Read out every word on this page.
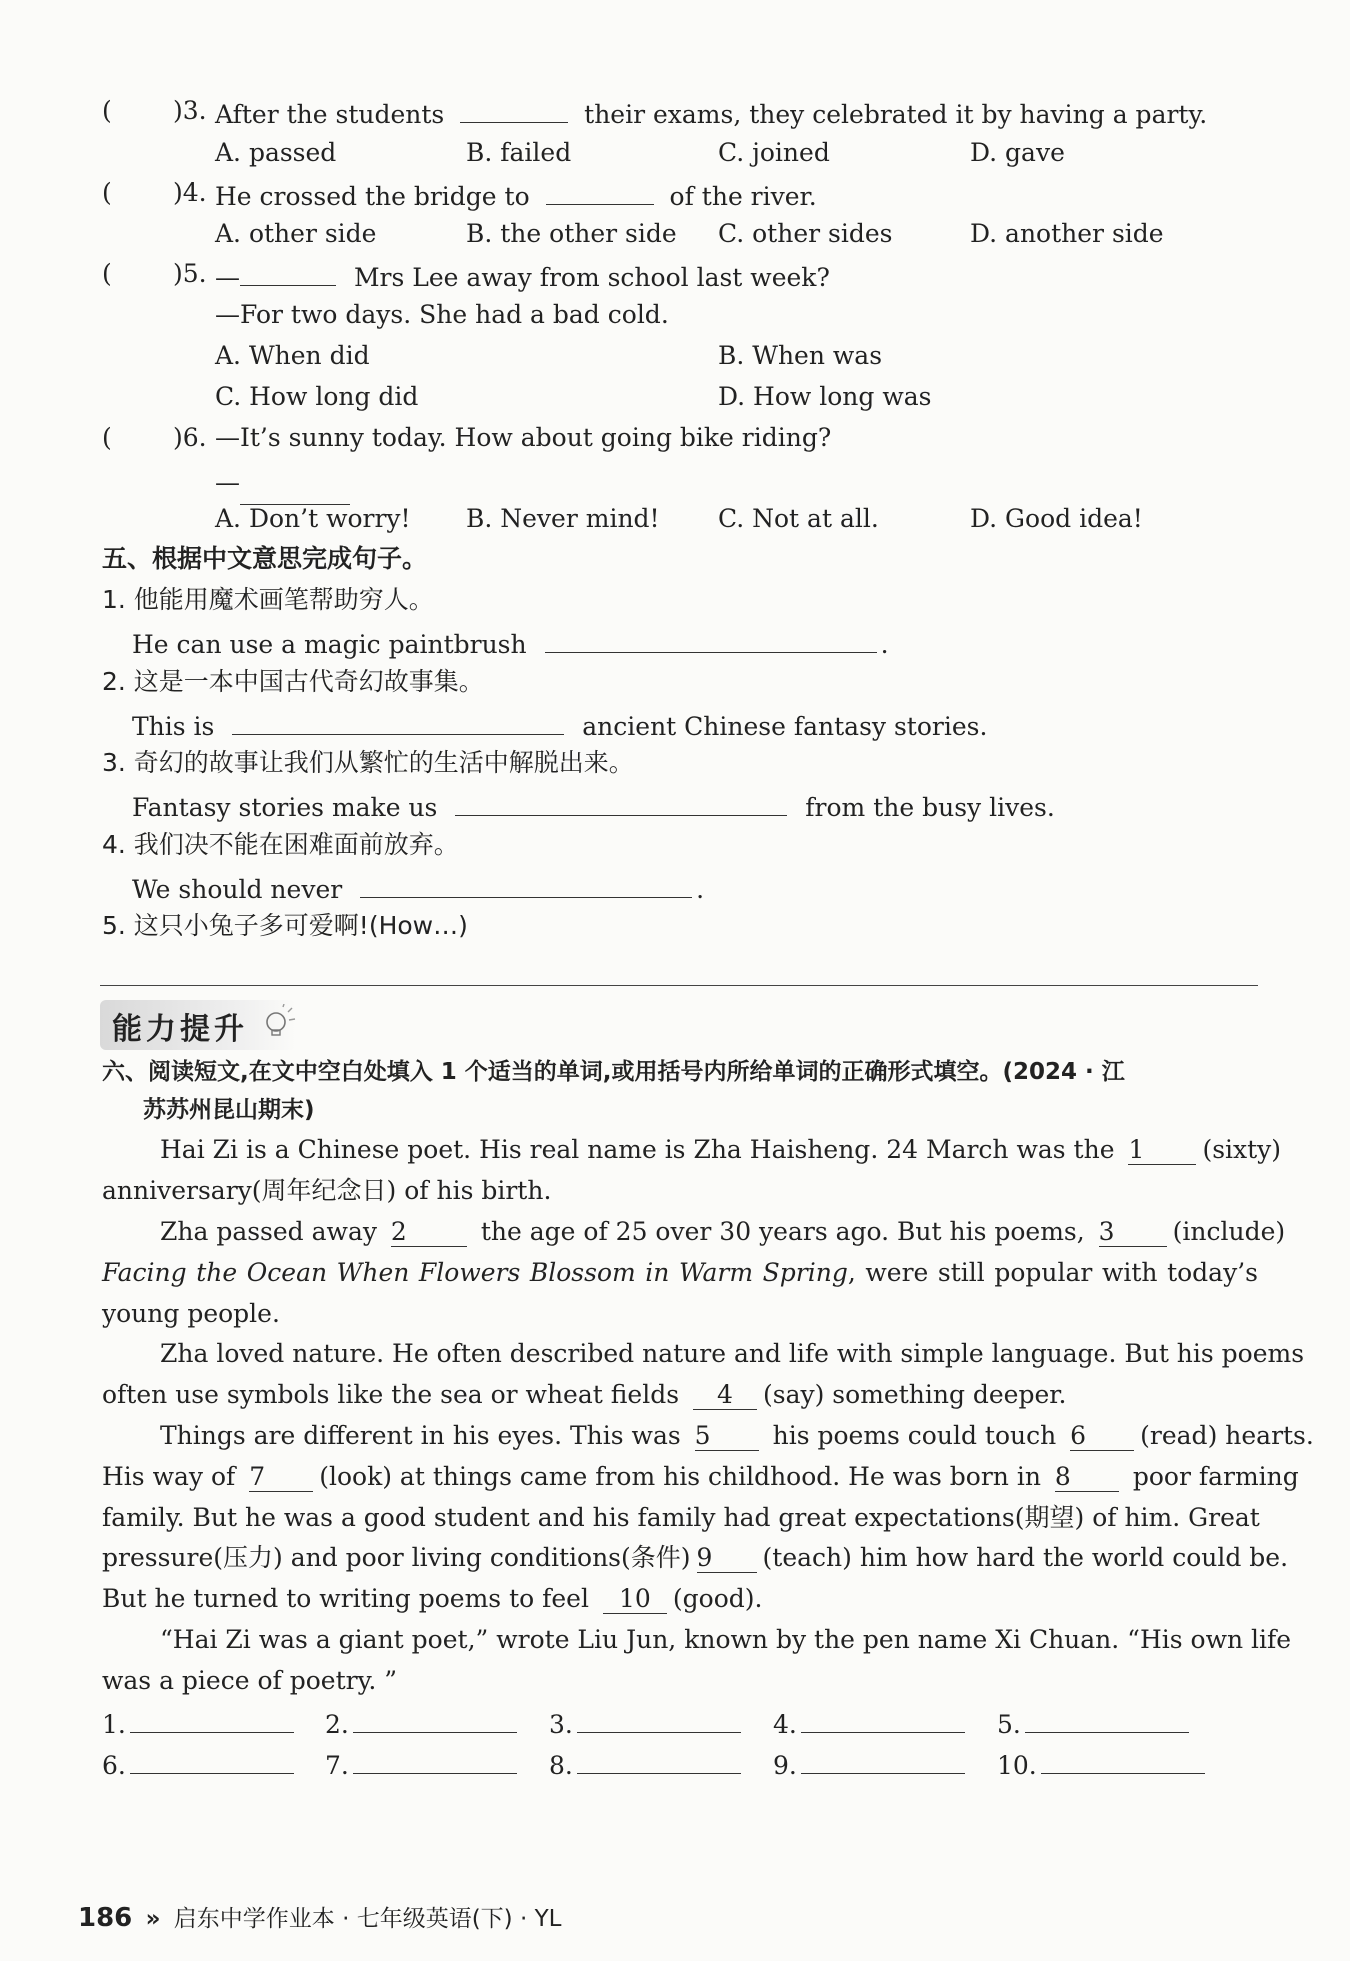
( )3. After the students	their exams, they celebrated it by having a party.
A. passed	B. failed	C. joined	D. gave
( )4. He crossed the bridge to	of the river.
A. other side	B. the other side C. other sides	D. another side
( )5. —	Mrs Lee away from school last week?
—For two days. She had a bad cold.
A. When did	B. When was
C. How long did	D. How long was
( )6. —It’s sunny today. How about going bike riding?
—
A. Don’t worry! B. Never mind! C. Not at all.	D. Good idea!
五、根据中文意思完成句子。
1. 他能用魔术画笔帮助穷人。
He can use a magic paintbrush	.
2. 这是一本中国古代奇幻故事集。
This is	ancient Chinese fantasy stories.
3. 奇幻的故事让我们从繁忙的生活中解脱出来。
Fantasy stories make us	from the busy lives.
4. 我们决不能在困难面前放弃。
We should never	.
5. 这只小兔子多可爱啊!(How…)
能力提升
六、阅读短文,在文中空白处填入 1 个适当的单词,或用括号内所给单词的正确形式填空。(2024 · 江
苏苏州昆山期末)
Hai Zi is a Chinese poet. His real name is Zha Haisheng. 24 March was the 1 (sixty)
anniversary(周年纪念日) of his birth.
Zha passed away 2	the age of 25 over 30 years ago. But his poems, 3 (include)
Facing the Ocean When Flowers Blossom in Warm Spring, were still popular with today’s
young people.
Zha loved nature. He often described nature and life with simple language. But his poems
often use symbols like the sea or wheat fields 4 (say) something deeper.
Things are different in his eyes. This was 5 his poems could touch 6 (read) hearts.
His way of 7 (look) at things came from his childhood. He was born in 8 poor farming
family. But he was a good student and his family had great expectations(期望) of him. Great
pressure(压力) and poor living conditions(条件) 9 (teach) him how hard the world could be.
But he turned to writing poems to feel 10 (good).
“Hai Zi was a giant poet,” wrote Liu Jun, known by the pen name Xi Chuan. “His own life
was a piece of poetry. ”
1.	2.	3.	4.	5.
6.	7.	8.	9.	10.
186 » 启东中学作业本 · 七年级英语(下) · YL
